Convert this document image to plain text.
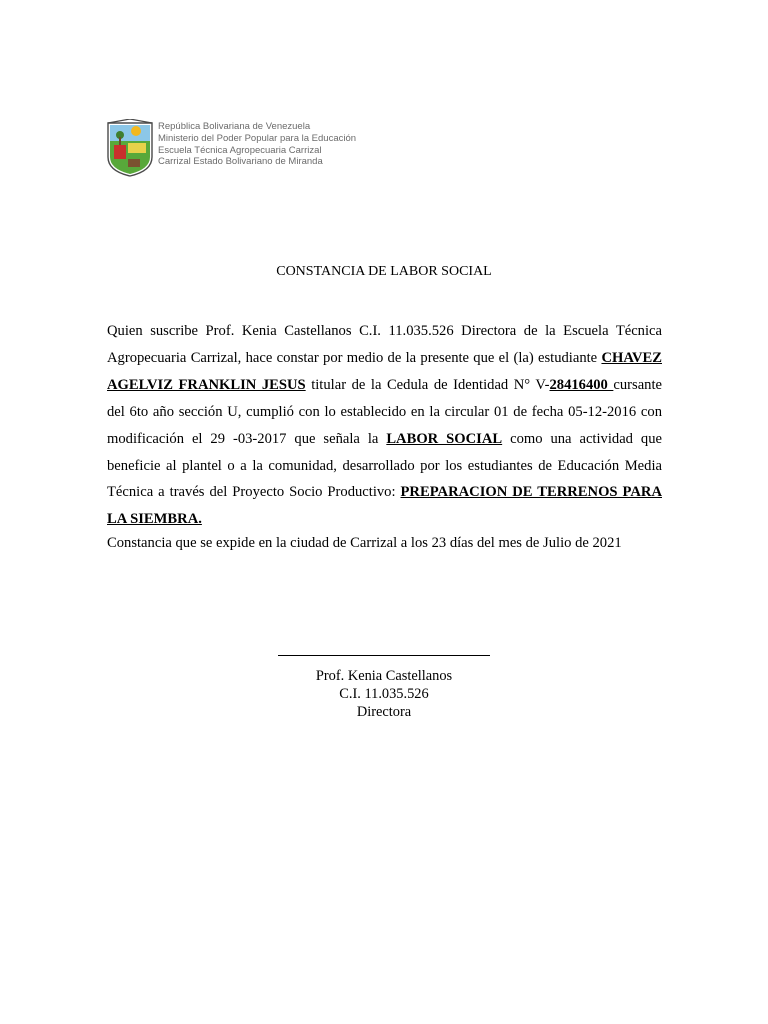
República Bolivariana de Venezuela
Ministerio del Poder Popular para la Educación
Escuela Técnica Agropecuaria Carrizal
Carrizal Estado Bolivariano de Miranda
CONSTANCIA DE LABOR SOCIAL

Quien suscribe Prof. Kenia Castellanos C.I. 11.035.526 Directora de la Escuela Técnica Agropecuaria Carrizal, hace constar por medio de la presente que el (la) estudiante CHAVEZ AGELVIZ FRANKLIN JESUS titular de la Cedula de Identidad N° V-28416400 cursante del 6to año sección U, cumplió con lo establecido en la circular 01 de fecha 05-12-2016 con modificación el 29 -03-2017 que señala la LABOR SOCIAL como una actividad que beneficie al plantel o a la comunidad, desarrollado por los estudiantes de Educación Media Técnica a través del Proyecto Socio Productivo: PREPARACION DE TERRENOS PARA LA SIEMBRA.

Constancia que se expide en la ciudad de Carrizal a los 23 días del mes de Julio de 2021
Prof. Kenia Castellanos
C.I. 11.035.526
Directora
